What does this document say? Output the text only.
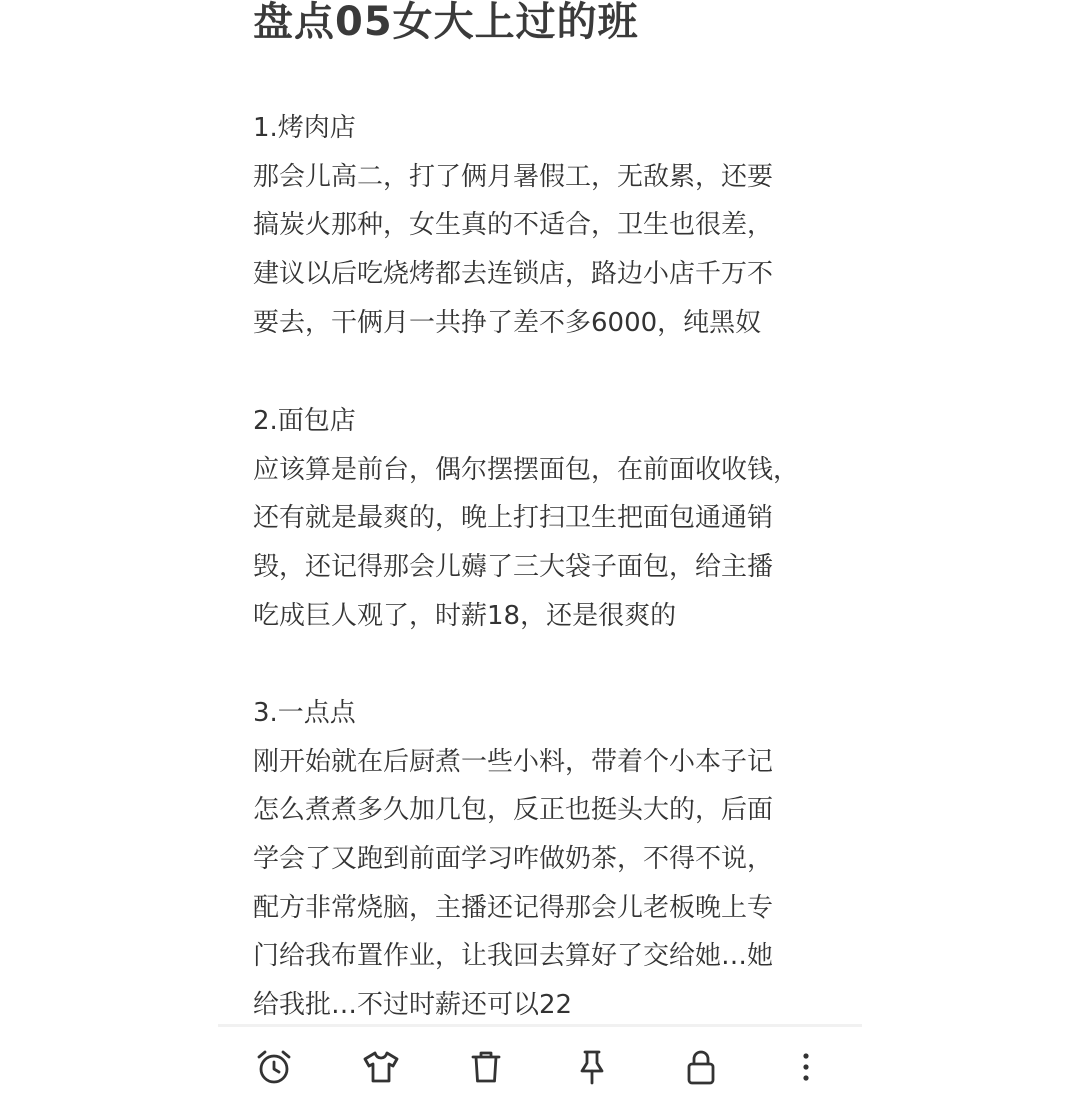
盘点05女大上过的班

1.烤肉店

那会儿高二，打了俩月暑假工，无敌累，还要

搞炭火那种，女生真的不适合，卫生也很差，

建议以后吃烧烤都去连锁店，路边小店千万不

要去，干俩月一共挣了差不多6000，纯黑奴

2.面包店

应该算是前台，偶尔摆摆面包，在前面收收钱，

还有就是最爽的，晚上打扫卫生把面包通通销

毁，还记得那会儿薅了三大袋子面包，给主播

吃成巨人观了，时薪18，还是很爽的

3.一点点

刚开始就在后厨煮一些小料，带着个小本子记

怎么煮煮多久加几包，反正也挺头大的，后面

学会了又跑到前面学习咋做奶茶，不得不说，

配方非常烧脑，主播还记得那会儿老板晚上专

门给我布置作业，让我回去算好了交给她…她

给我批…不过时薪还可以22
